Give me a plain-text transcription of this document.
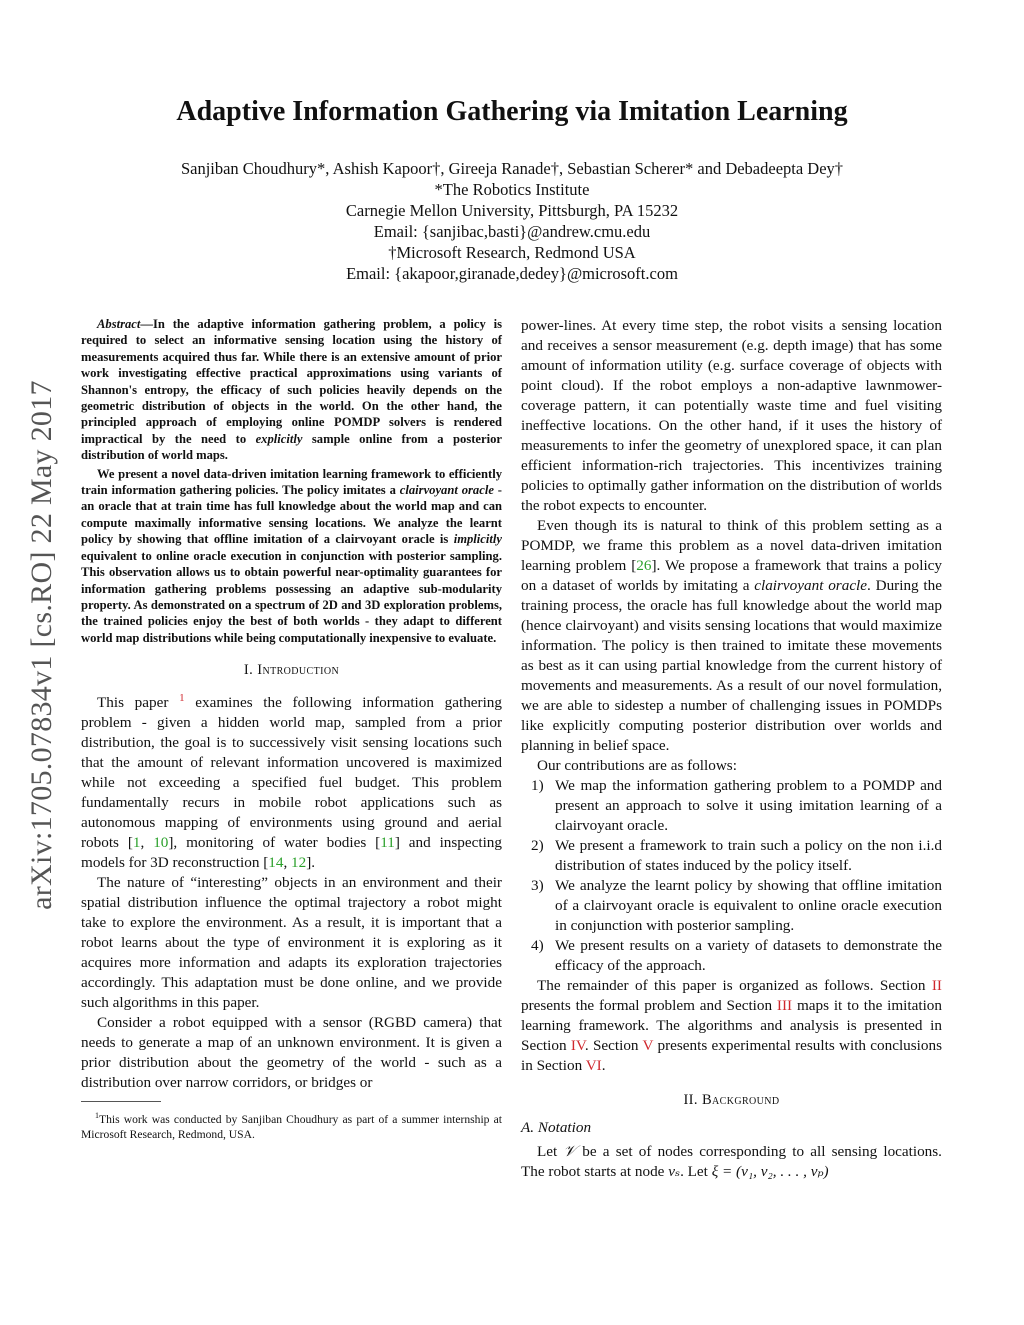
arXiv:1705.07834v1 [cs.RO] 22 May 2017
Adaptive Information Gathering via Imitation Learning
Sanjiban Choudhury*, Ashish Kapoor†, Gireeja Ranade†, Sebastian Scherer* and Debadeepta Dey†
*The Robotics Institute
Carnegie Mellon University, Pittsburgh, PA 15232
Email: {sanjibac,basti}@andrew.cmu.edu
†Microsoft Research, Redmond USA
Email: {akapoor,giranade,dedey}@microsoft.com

Abstract—In the adaptive information gathering problem, a policy is required to select an informative sensing location using the history of measurements acquired thus far. While there is an extensive amount of prior work investigating effective practical approximations using variants of Shannon's entropy, the efficacy of such policies heavily depends on the geometric distribution of objects in the world. On the other hand, the principled approach of employing online POMDP solvers is rendered impractical by the need to explicitly sample online from a posterior distribution of world maps.

We present a novel data-driven imitation learning framework to efficiently train information gathering policies. The policy imitates a clairvoyant oracle - an oracle that at train time has full knowledge about the world map and can compute maximally informative sensing locations. We analyze the learnt policy by showing that offline imitation of a clairvoyant oracle is implicitly equivalent to online oracle execution in conjunction with posterior sampling. This observation allows us to obtain powerful near-optimality guarantees for information gathering problems possessing an adaptive sub-modularity property. As demonstrated on a spectrum of 2D and 3D exploration problems, the trained policies enjoy the best of both worlds - they adapt to different world map distributions while being computationally inexpensive to evaluate.

I. Introduction

This paper $^1$ examines the following information gathering problem - given a hidden world map, sampled from a prior distribution, the goal is to successively visit sensing locations such that the amount of relevant information uncovered is maximized while not exceeding a specified fuel budget. This problem fundamentally recurs in mobile robot applications such as autonomous mapping of environments using ground and aerial robots [1, 10], monitoring of water bodies [11] and inspecting models for 3D reconstruction [14, 12].

The nature of “interesting” objects in an environment and their spatial distribution influence the optimal trajectory a robot might take to explore the environment. As a result, it is important that a robot learns about the type of environment it is exploring as it acquires more information and adapts its exploration trajectories accordingly. This adaptation must be done online, and we provide such algorithms in this paper.

Consider a robot equipped with a sensor (RGBD camera) that needs to generate a map of an unknown environment. It is given a prior distribution about the geometry of the world - such as a distribution over narrow corridors, or bridges or

$^1$This work was conducted by Sanjiban Choudhury as part of a summer internship at Microsoft Research, Redmond, USA.

power-lines. At every time step, the robot visits a sensing location and receives a sensor measurement (e.g. depth image) that has some amount of information utility (e.g. surface coverage of objects with point cloud). If the robot employs a non-adaptive lawnmower-coverage pattern, it can potentially waste time and fuel visiting ineffective locations. On the other hand, if it uses the history of measurements to infer the geometry of unexplored space, it can plan efficient information-rich trajectories. This incentivizes training policies to optimally gather information on the distribution of worlds the robot expects to encounter.

Even though its is natural to think of this problem setting as a POMDP, we frame this problem as a novel data-driven imitation learning problem [26]. We propose a framework that trains a policy on a dataset of worlds by imitating a clairvoyant oracle. During the training process, the oracle has full knowledge about the world map (hence clairvoyant) and visits sensing locations that would maximize information. The policy is then trained to imitate these movements as best as it can using partial knowledge from the current history of movements and measurements. As a result of our novel formulation, we are able to sidestep a number of challenging issues in POMDPs like explicitly computing posterior distribution over worlds and planning in belief space.

Our contributions are as follows:

1) We map the information gathering problem to a POMDP and present an approach to solve it using imitation learning of a clairvoyant oracle.
2) We present a framework to train such a policy on the non i.i.d distribution of states induced by the policy itself.
3) We analyze the learnt policy by showing that offline imitation of a clairvoyant oracle is equivalent to online oracle execution in conjunction with posterior sampling.
4) We present results on a variety of datasets to demonstrate the efficacy of the approach.

The remainder of this paper is organized as follows. Section II presents the formal problem and Section III maps it to the imitation learning framework. The algorithms and analysis is presented in Section IV. Section V presents experimental results with conclusions in Section VI.

II. Background
A. Notation

Let 𝒱 be a set of nodes corresponding to all sensing locations. The robot starts at node vₛ. Let ξ = (v₁, v₂, . . . , vₚ)
